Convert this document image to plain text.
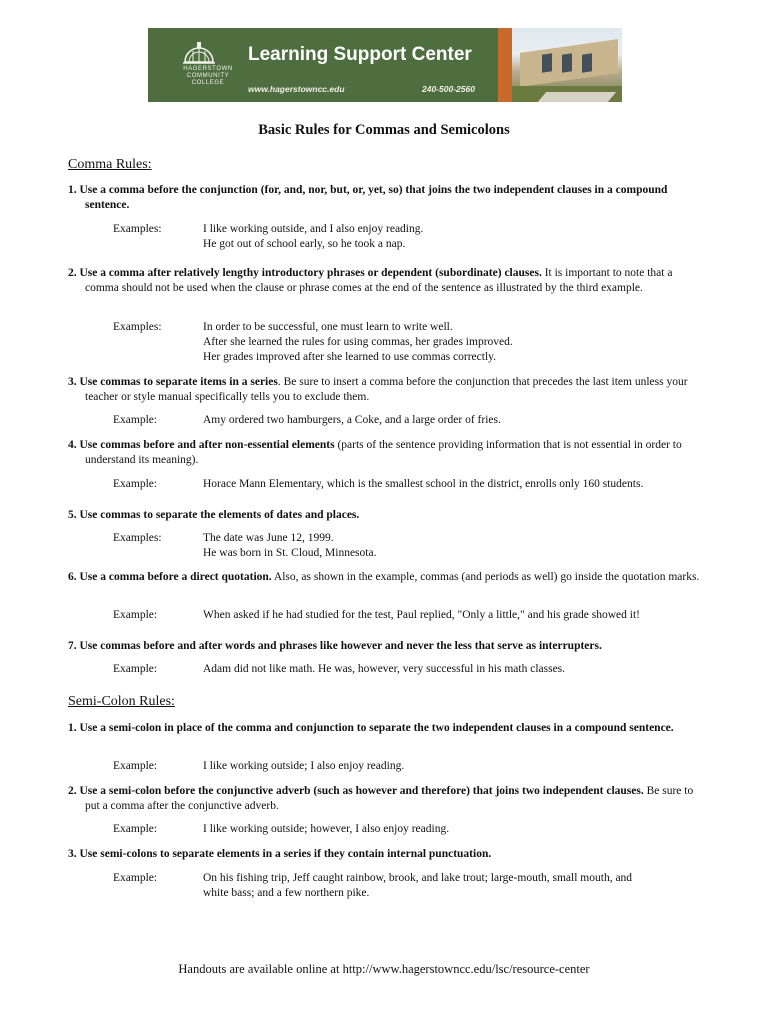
HAGERSTOWN
COMMUNITY
COLLEGE
Learning Support Center
www.hagerstowncc.edu	240-500-2560
Basic Rules for Commas and Semicolons
Comma Rules:
1. Use a comma before the conjunction (for, and, nor, but, or, yet, so) that joins the two independent clauses in a compound sentence.
Examples:	I like working outside, and I also enjoy reading.
He got out of school early, so he took a nap.
2. Use a comma after relatively lengthy introductory phrases or dependent (subordinate) clauses. It is important to note that a comma should not be used when the clause or phrase comes at the end of the sentence as illustrated by the third example.
Examples:	In order to be successful, one must learn to write well.
After she learned the rules for using commas, her grades improved.
Her grades improved after she learned to use commas correctly.
3. Use commas to separate items in a series. Be sure to insert a comma before the conjunction that precedes the last item unless your teacher or style manual specifically tells you to exclude them.
Example:	Amy ordered two hamburgers, a Coke, and a large order of fries.
4. Use commas before and after non-essential elements (parts of the sentence providing information that is not essential in order to understand its meaning).
Example:	Horace Mann Elementary, which is the smallest school in the district, enrolls only 160 students.
5. Use commas to separate the elements of dates and places.
Examples:	The date was June 12, 1999.
He was born in St. Cloud, Minnesota.
6. Use a comma before a direct quotation. Also, as shown in the example, commas (and periods as well) go inside the quotation marks.
Example:	When asked if he had studied for the test, Paul replied, "Only a little," and his grade showed it!
7. Use commas before and after words and phrases like however and never the less that serve as interrupters.
Example:	Adam did not like math. He was, however, very successful in his math classes.
Semi-Colon Rules:
1. Use a semi-colon in place of the comma and conjunction to separate the two independent clauses in a compound sentence.
Example:	I like working outside; I also enjoy reading.
2. Use a semi-colon before the conjunctive adverb (such as however and therefore) that joins two independent clauses. Be sure to put a comma after the conjunctive adverb.
Example:	I like working outside; however, I also enjoy reading.
3. Use semi-colons to separate elements in a series if they contain internal punctuation.
Example:	On his fishing trip, Jeff caught rainbow, brook, and lake trout; large-mouth, small mouth, and
white bass; and a few northern pike.
Handouts are available online at http://www.hagerstowncc.edu/lsc/resource-center
